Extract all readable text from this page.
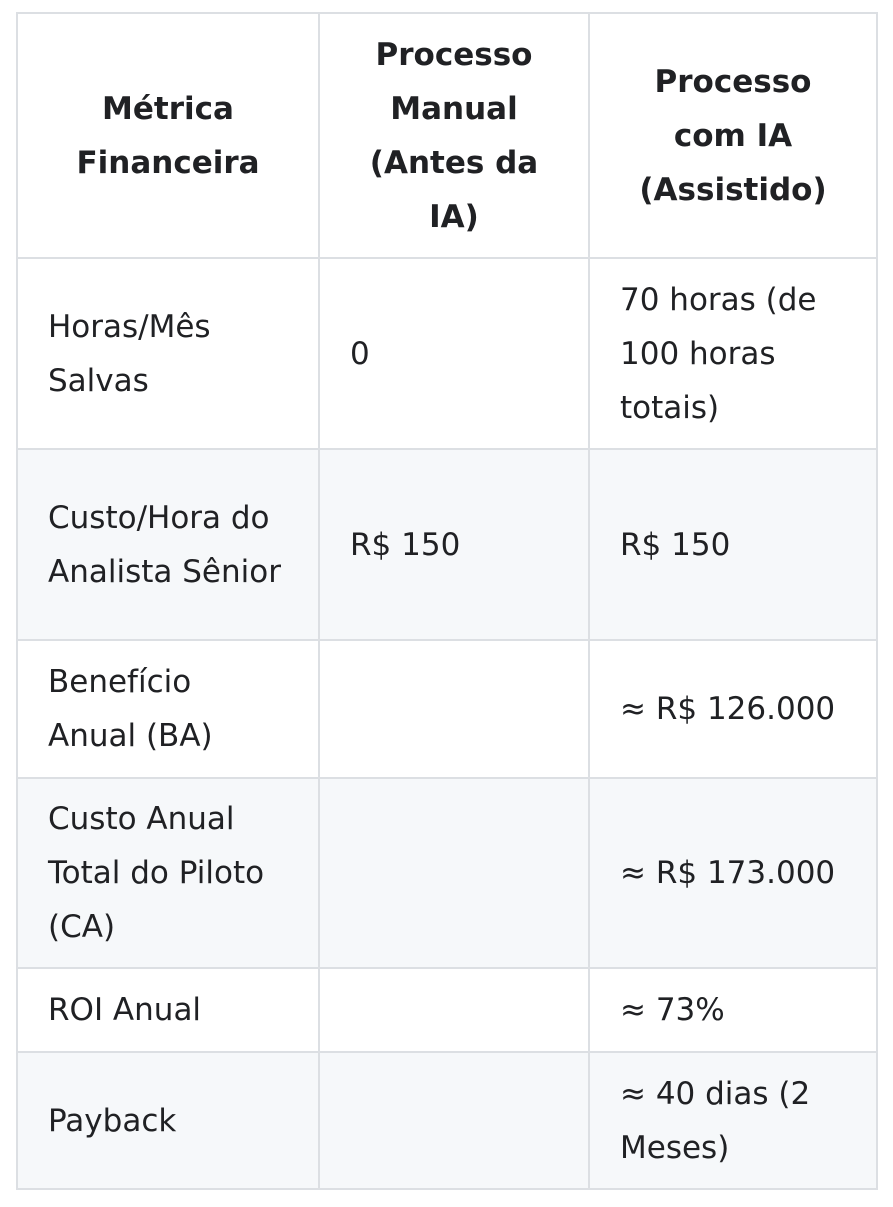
Métrica Financeira	Processo Manual (Antes da IA)	Processo com IA (Assistido)
Horas/Mês Salvas	0	70 horas (de 100 horas totais)
Custo/Hora do Analista Sênior	R$ 150	R$ 150
Benefício Anual (BA)		≈ R$ 126.000
Custo Anual Total do Piloto (CA)		≈ R$ 173.000
ROI Anual		≈ 73%
Payback		≈ 40 dias (2 Meses)
